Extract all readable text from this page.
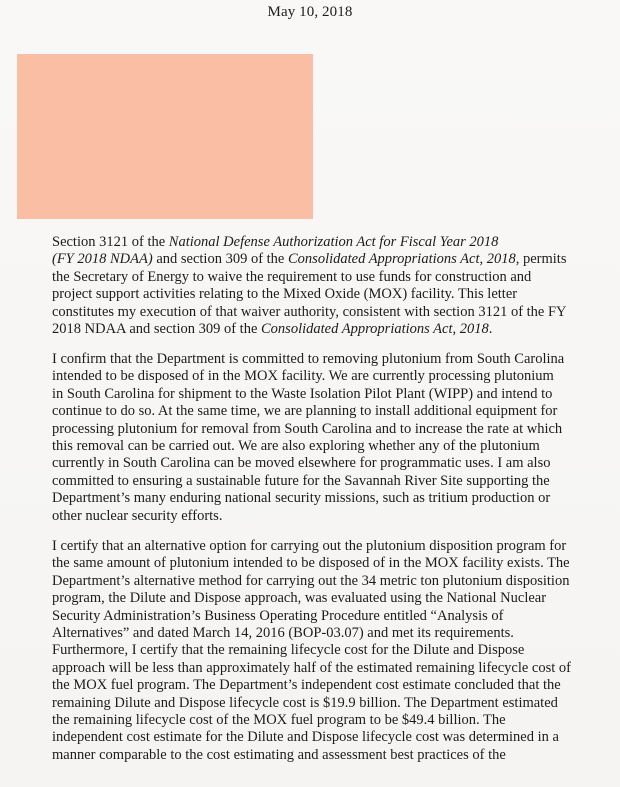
May 10, 2018
Section 3121 of the National Defense Authorization Act for Fiscal Year 2018
(FY 2018 NDAA) and section 309 of the Consolidated Appropriations Act, 2018, permits
the Secretary of Energy to waive the requirement to use funds for construction and
project support activities relating to the Mixed Oxide (MOX) facility. This letter
constitutes my execution of that waiver authority, consistent with section 3121 of the FY
2018 NDAA and section 309 of the Consolidated Appropriations Act, 2018.
I confirm that the Department is committed to removing plutonium from South Carolina
intended to be disposed of in the MOX facility. We are currently processing plutonium
in South Carolina for shipment to the Waste Isolation Pilot Plant (WIPP) and intend to
continue to do so. At the same time, we are planning to install additional equipment for
processing plutonium for removal from South Carolina and to increase the rate at which
this removal can be carried out. We are also exploring whether any of the plutonium
currently in South Carolina can be moved elsewhere for programmatic uses. I am also
committed to ensuring a sustainable future for the Savannah River Site supporting the
Department’s many enduring national security missions, such as tritium production or
other nuclear security efforts.
I certify that an alternative option for carrying out the plutonium disposition program for
the same amount of plutonium intended to be disposed of in the MOX facility exists. The
Department’s alternative method for carrying out the 34 metric ton plutonium disposition
program, the Dilute and Dispose approach, was evaluated using the National Nuclear
Security Administration’s Business Operating Procedure entitled “Analysis of
Alternatives” and dated March 14, 2016 (BOP-03.07) and met its requirements.
Furthermore, I certify that the remaining lifecycle cost for the Dilute and Dispose
approach will be less than approximately half of the estimated remaining lifecycle cost of
the MOX fuel program. The Department’s independent cost estimate concluded that the
remaining Dilute and Dispose lifecycle cost is $19.9 billion. The Department estimated
the remaining lifecycle cost of the MOX fuel program to be $49.4 billion. The
independent cost estimate for the Dilute and Dispose lifecycle cost was determined in a
manner comparable to the cost estimating and assessment best practices of the
